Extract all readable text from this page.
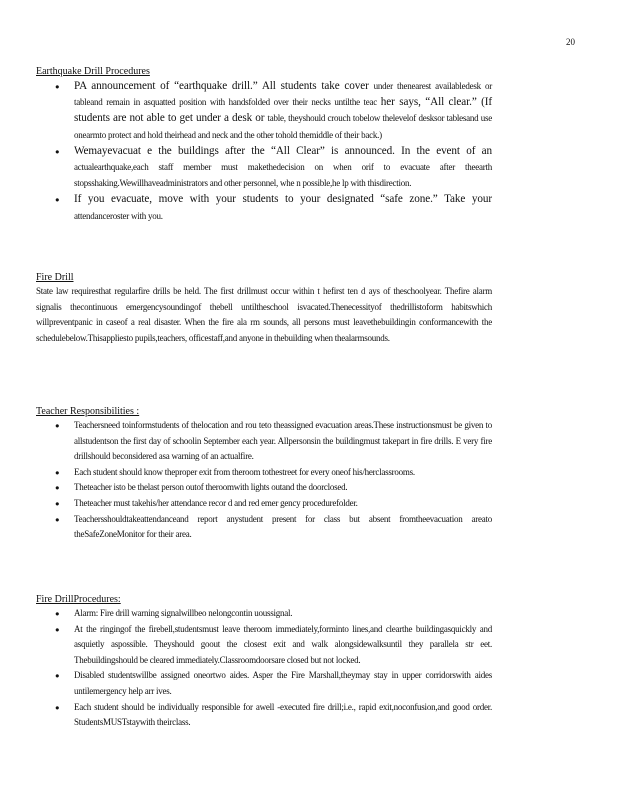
20
Earthquake Drill Procedures
● PA announcement of “earthquake drill.” All students take cover under thenearest availabledesk or tableand remain in asquatted position with handsfolded over their necks untilthe teac her says, “All clear.” (If students are not able to get under a desk or table, theyshould crouch tobelow thelevelof desksor tablesand use onearmto protect and hold theirhead and neck and the other tohold themiddle of their back.)
● Wemayevacuat e the buildings after the “All Clear” is announced. In the event of an actualearthquake,each staff member must makethedecision on when orif to evacuate after theearth stopsshaking.Wewillhaveadministrators and other personnel, whe n possible,he lp with thisdirection.
● If you evacuate, move with your students to your designated “safe zone.” Take your attendanceroster with you.
Fire Drill

State law requiresthat regularfire drills be held. The first drillmust occur within t hefirst ten d ays of theschoolyear. Thefire alarm signalis thecontinuous emergencysoundingof thebell untiltheschool isvacated.Thenecessityof thedrillistoform habitswhich willpreventpanic in caseof a real disaster. When the fire ala rm sounds, all persons must leavethebuildingin conformancewith the schedulebelow.Thisappliesto pupils,teachers, officestaff,and anyone in thebuilding when thealarmsounds.

Teacher Responsibilities :
● Teachersneed toinformstudents of thelocation and rou teto theassigned evacuation areas.These instructionsmust be given to allstudentson the first day of schoolin September each year. Allpersonsin the buildingmust takepart in fire drills. E very fire drillshould beconsidered asa warning of an actualfire.
● Each student should know theproper exit from theroom tothestreet for every oneof his/herclassrooms.
● Theteacher isto be thelast person outof theroomwith lights outand the doorclosed.
● Theteacher must takehis/her attendance recor d and red emer gency procedurefolder.
● Teachersshouldtakeattendanceand report anystudent present for class but absent fromtheevacuation areato theSafeZoneMonitor for their area.
Fire DrillProcedures:
● Alarm: Fire drill warning signalwillbeo nelongcontin uoussignal.
● At the ringingof the firebell,studentsmust leave theroom immediately,forminto lines,and clearthe buildingasquickly and asquietly aspossible. Theyshould goout the closest exit and walk alongsidewalksuntil they parallela str eet. Thebuildingshould be cleared immediately.Classroomdoorsare closed but not locked.
● Disabled studentswillbe assigned oneortwo aides. Asper the Fire Marshall,theymay stay in upper corridorswith aides untilemergency help arr ives.
● Each student should be individually responsible for awell -executed fire drill;i.e., rapid exit,noconfusion,and good order. StudentsMUSTstaywith theirclass.
